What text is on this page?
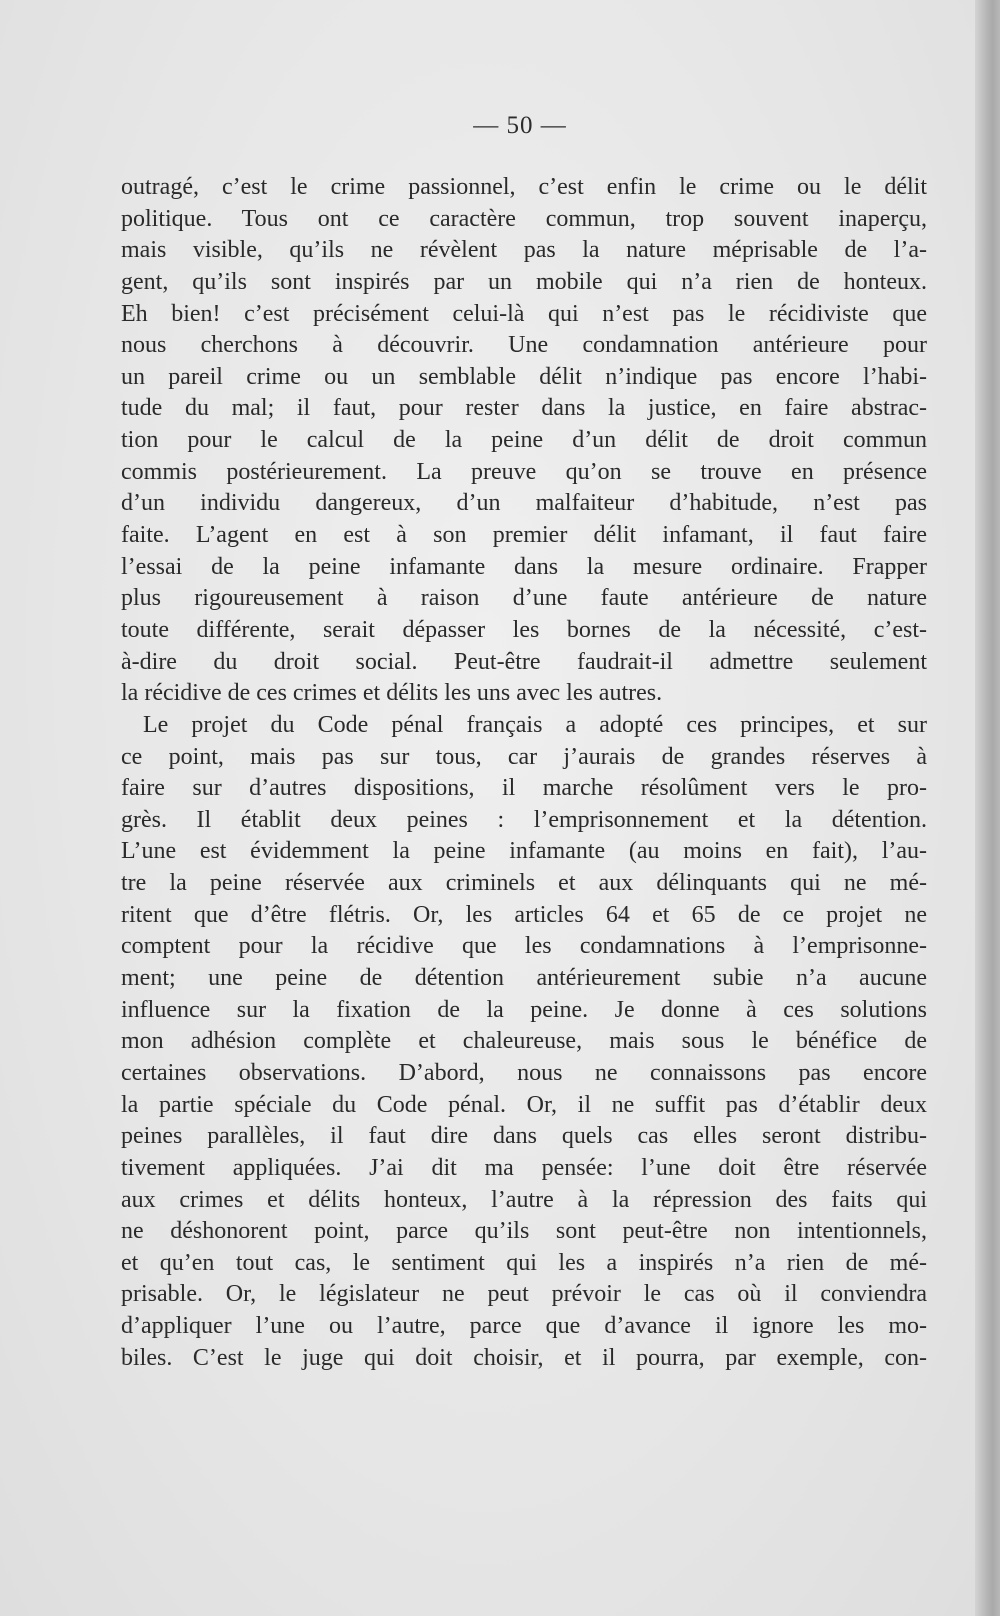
— 50 —
outragé, c’est le crime passionnel, c’est enfin le crime ou le délit
politique. Tous ont ce caractère commun, trop souvent inaperçu,
mais visible, qu’ils ne révèlent pas la nature méprisable de l’a-
gent, qu’ils sont inspirés par un mobile qui n’a rien de honteux.
Eh bien! c’est précisément celui-là qui n’est pas le récidiviste que
nous cherchons à découvrir. Une condamnation antérieure pour
un pareil crime ou un semblable délit n’indique pas encore l’habi-
tude du mal; il faut, pour rester dans la justice, en faire abstrac-
tion pour le calcul de la peine d’un délit de droit commun
commis postérieurement. La preuve qu’on se trouve en présence
d’un individu dangereux, d’un malfaiteur d’habitude, n’est pas
faite. L’agent en est à son premier délit infamant, il faut faire
l’essai de la peine infamante dans la mesure ordinaire. Frapper
plus rigoureusement à raison d’une faute antérieure de nature
toute différente, serait dépasser les bornes de la nécessité, c’est-
à-dire du droit social. Peut-être faudrait-il admettre seulement
la récidive de ces crimes et délits les uns avec les autres.
Le projet du Code pénal français a adopté ces principes, et sur
ce point, mais pas sur tous, car j’aurais de grandes réserves à
faire sur d’autres dispositions, il marche résolûment vers le pro-
grès. Il établit deux peines : l’emprisonnement et la détention.
L’une est évidemment la peine infamante (au moins en fait), l’au-
tre la peine réservée aux criminels et aux délinquants qui ne mé-
ritent que d’être flétris. Or, les articles 64 et 65 de ce projet ne
comptent pour la récidive que les condamnations à l’emprisonne-
ment; une peine de détention antérieurement subie n’a aucune
influence sur la fixation de la peine. Je donne à ces solutions
mon adhésion complète et chaleureuse, mais sous le bénéfice de
certaines observations. D’abord, nous ne connaissons pas encore
la partie spéciale du Code pénal. Or, il ne suffit pas d’établir deux
peines parallèles, il faut dire dans quels cas elles seront distribu-
tivement appliquées. J’ai dit ma pensée: l’une doit être réservée
aux crimes et délits honteux, l’autre à la répression des faits qui
ne déshonorent point, parce qu’ils sont peut-être non intentionnels,
et qu’en tout cas, le sentiment qui les a inspirés n’a rien de mé-
prisable. Or, le législateur ne peut prévoir le cas où il conviendra
d’appliquer l’une ou l’autre, parce que d’avance il ignore les mo-
biles. C’est le juge qui doit choisir, et il pourra, par exemple, con-
